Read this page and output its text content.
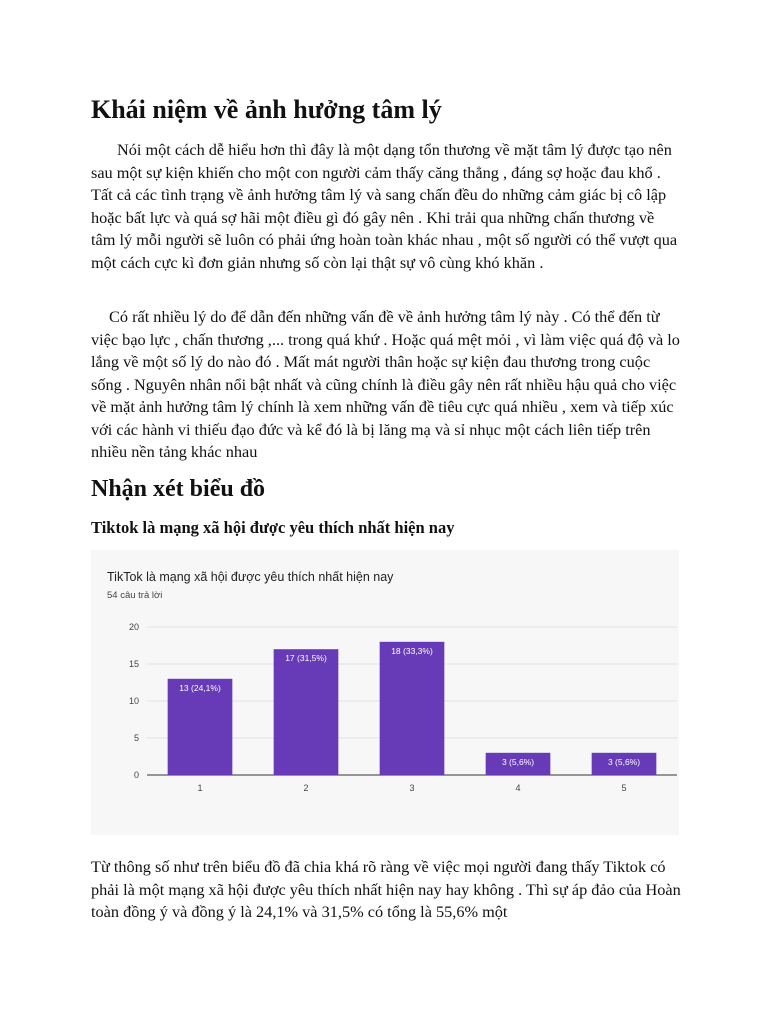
Khái niệm về ảnh hưởng tâm lý

Nói một cách dễ hiểu hơn thì đây là một dạng tổn thương về mặt tâm lý được tạo nên sau một sự kiện khiến cho một con người cảm thấy căng thẳng , đáng sợ hoặc đau khổ . Tất cả các tình trạng về ảnh hưởng tâm lý và sang chấn đều do những cảm giác bị cô lập hoặc bất lực và quá sợ hãi một điều gì đó gây nên . Khi trải qua những chấn thương về tâm lý mỗi người sẽ luôn có phải ứng hoàn toàn khác nhau , một số người có thể vượt qua một cách cực kì đơn giản nhưng số còn lại thật sự vô cùng khó khăn .

Có rất nhiều lý do để dẫn đến những vấn đề về ảnh hưởng tâm lý này . Có thể đến từ việc bạo lực , chấn thương ,... trong quá khứ . Hoặc quá mệt mỏi , vì làm việc quá độ và lo lắng về một số lý do nào đó . Mất mát người thân hoặc sự kiện đau thương trong cuộc sống . Nguyên nhân nổi bật nhất và cũng chính là điều gây nên rất nhiều hậu quả cho việc về mặt ảnh hưởng tâm lý chính là xem những vấn đề tiêu cực quá nhiều , xem và tiếp xúc với các hành vi thiếu đạo đức và kể đó là bị lăng mạ và sỉ nhục một cách liên tiếp trên nhiều nền tảng khác nhau

Nhận xét biểu đồ
Tiktok là mạng xã hội được yêu thích nhất hiện nay
TikTok là mạng xã hội được yêu thích nhất hiện nay
54 câu trả lời
0
5
10
15
20
13 (24,1%)
17 (31,5%)
18 (33,3%)
3 (5,6%)	3 (5,6%)
1	2	3	4	5

Từ thông số như trên biểu đồ đã chia khá rõ ràng về việc mọi người đang thấy Tiktok có phải là một mạng xã hội được yêu thích nhất hiện nay hay không . Thì sự áp đảo của Hoàn toàn đồng ý và đồng ý là 24,1% và 31,5% có tổng là 55,6% một
